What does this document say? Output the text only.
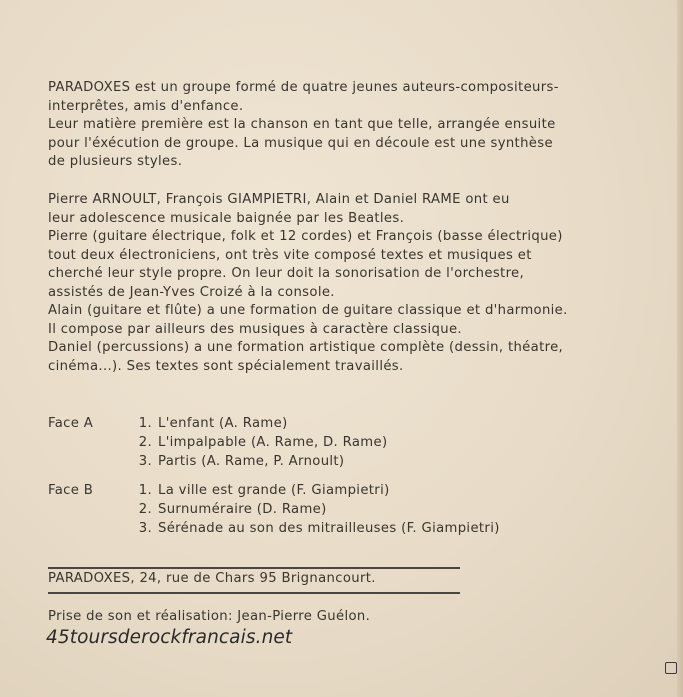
PARADOXES est un groupe formé de quatre jeunes auteurs-compositeurs-

interprêtes, amis d'enfance.

Leur matière première est la chanson en tant que telle, arrangée ensuite

pour l'éxécution de groupe. La musique qui en découle est une synthèse

de plusieurs styles.

Pierre ARNOULT, François GIAMPIETRI, Alain et Daniel RAME ont eu

leur adolescence musicale baignée par les Beatles.

Pierre (guitare électrique, folk et 12 cordes) et François (basse électrique)

tout deux électroniciens, ont très vite composé textes et musiques et

cherché leur style propre. On leur doit la sonorisation de l'orchestre,

assistés de Jean-Yves Croizé à la console.

Alain (guitare et flûte) a une formation de guitare classique et d'harmonie.

Il compose par ailleurs des musiques à caractère classique.

Daniel (percussions) a une formation artistique complète (dessin, théatre,

cinéma...). Ses textes sont spécialement travaillés.

Face A	1. L'enfant (A. Rame)
2. L'impalpable (A. Rame, D. Rame)
3. Partis (A. Rame, P. Arnoult)
Face B	1. La ville est grande (F. Giampietri)
2. Surnuméraire (D. Rame)
3. Sérénade au son des mitrailleuses (F. Giampietri)
PARADOXES, 24, rue de Chars 95 Brignancourt.
Prise de son et réalisation: Jean-Pierre Guélon.
45toursderockfrancais.net
